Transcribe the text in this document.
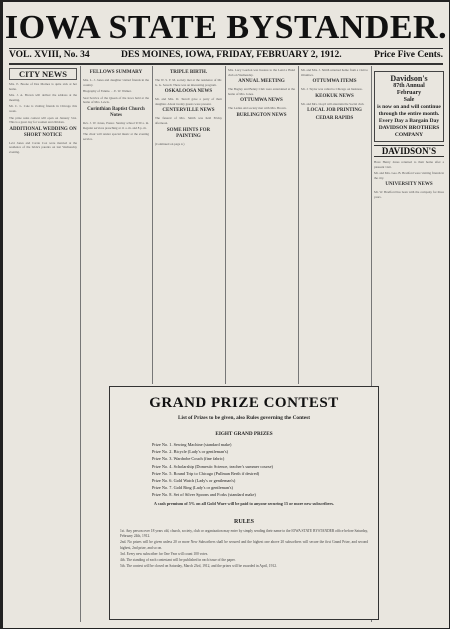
IOWA STATE BYSTANDER.
VOL. XVIII, No. 34	DES MOINES, IOWA, FRIDAY, FEBRUARY 2, 1912.	Price Five Cents.
CITY NEWS

Mrs. E. Boone of Des Moines is quite sick at her home.

Mrs. J. A. Brown will deliver the address at the meeting.

Mr. C. L. Cole is visiting friends in Chicago this week.

The prize sales contest will open on January 31st. This is a great day for women and children.

ADDITIONAL WEDDING ON SHORT NOTICE

Levi Jones and Carrie Cox were married at the residence of the bride's parents on last Wednesday evening.

FELLOWS SUMMARY

Mrs. L. J. Jones and daughter visited friends in the country.

Biography of Fannie. . . E. W. Walker.

Seal Service of the Queen of the Iowa held at the home of Mrs. Lewis.

Corinthian Baptist Church Notes

Rev. J. W. Jones, Pastor. Sunday school 9:30 a. m. Regular services preaching at 11 a. m. and 8 p. m.

The choir will render special music at the evening service.

TRIPLE BIRTH.

The W. S. F. M. society met at the residence of Mr. G. G. Sewell. There was an interesting program.

OSKALOOSA NEWS

Mr. and Mrs. D. Terrell gave a party of their daughter. About twenty guests were present.

CENTERVILLE NEWS

The funeral of Mrs. Smith was held Friday afternoon.

SOME HINTS FOR PAINTING

(Continued on page 4.)

Mrs. Lucy Gordon was hostess to the Lend a Hand club on Wednesday.

ANNUAL MEETING

The Bagley and Benny Club were entertained at the home of Mrs. Jones.

OTTUMWA NEWS

The Ladies Aid society met with Mrs. Brown.

BURLINGTON NEWS

Mr. and Mrs. J. Smith returned home from a visit to Ottumwa.

OTTUMWA ITEMS

Mr. J. Taylor was called to Chicago on business.

KEOKUK NEWS

Mr. and Mrs. Lloyd will entertain the Social club.

LOCAL JOB PRINTING
CEDAR RAPIDS
Davidson's
87th Annual
February
Sale
is now on and will continue through the entire month.
Every Day a Bargain Day
DAVIDSON BROTHERS COMPANY
DAVIDSON'S

Have Henry Jones returned to their home after a pleasant visit.

Mr. and Mrs. Geo. B. Bradford were visiting friends in the city.

UNIVERSITY NEWS

Mr. W. Bradford has been with the company for three years.

GRAND PRIZE CONTEST
List of Prizes to be given, also Rules governing the Contest
EIGHT GRAND PRIZES
Prize No. 1. Sewing Machine (standard make)
Prize No. 2. Bicycle (Lady's or gentleman's)
Prize No. 3. Wardrobe Couch (fine fabric)
Prize No. 4. Scholarship (Domestic Science, teacher's summer course)
Prize No. 5. Round Trip to Chicago (Pullman Berth if desired)
Prize No. 6. Gold Watch (Lady's or gentleman's)
Prize No. 7. Gold Ring (Lady's or gentleman's)
Prize No. 8. Set of Silver Spoons and Forks (standard make)
A cash premium of 5% on all Gold Ware will be paid to anyone securing 15 or more new subscribers.
RULES

1st. Any person over 18 years old, church, society, club or organization may enter by simply sending their name to the IOWA STATE BYSTANDER office before Saturday, February 24th, 1912.

2nd. No prizes will be given unless 20 or more New Subscribers shall be secured and the highest one above 20 subscribers will secure the first Grand Prize, and second highest, 2nd prize, and so on.

3rd. Every new subscriber for One Year will count 100 votes.

4th. The standing of each contestant will be published in each issue of the paper.

5th. The contest will be closed on Saturday, March 23rd, 1912, and the prizes will be awarded in April, 1912.
